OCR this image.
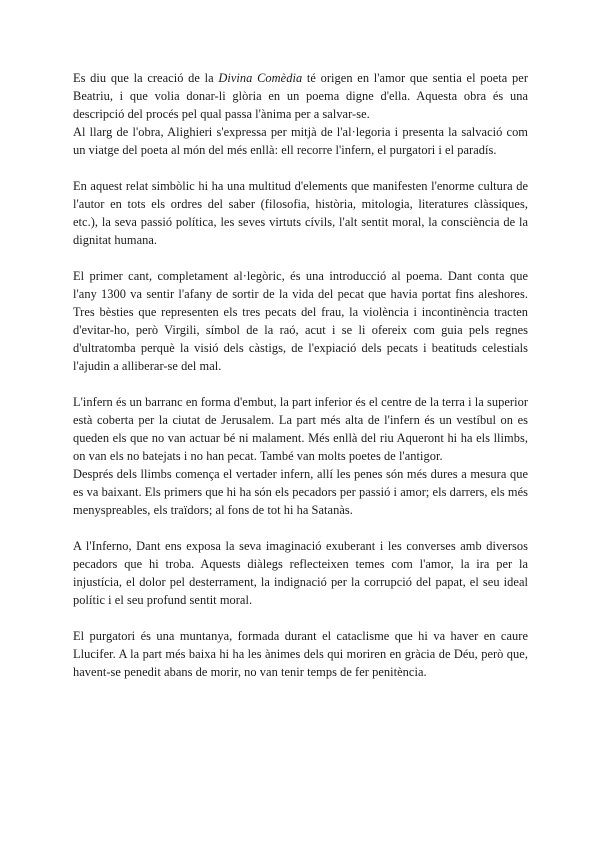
Es diu que la creació de la Divina Comèdia té origen en l'amor que sentia el poeta per Beatriu, i que volia donar-li glòria en un poema digne d'ella. Aquesta obra és una descripció del procés pel qual passa l'ànima per a salvar-se.

Al llarg de l'obra, Alighieri s'expressa per mitjà de l'al·legoria i presenta la salvació com un viatge del poeta al món del més enllà: ell recorre l'infern, el purgatori i el paradís.

En aquest relat simbòlic hi ha una multitud d'elements que manifesten l'enorme cultura de l'autor en tots els ordres del saber (filosofia, història, mitologia, literatures clàssiques, etc.), la seva passió política, les seves virtuts cívils, l'alt sentit moral, la consciència de la dignitat humana.

El primer cant, completament al·legòric, és una introducció al poema. Dant conta que l'any 1300 va sentir l'afany de sortir de la vida del pecat que havia portat fins aleshores. Tres bèsties que representen els tres pecats del frau, la violència i incontinència tracten d'evitar-ho, però Virgili, símbol de la raó, acut i se li ofereix com guia pels regnes d'ultratomba perquè la visió dels càstigs, de l'expiació dels pecats i beatituds celestials l'ajudin a alliberar-se del mal.

L'infern és un barranc en forma d'embut, la part inferior és el centre de la terra i la superior està coberta per la ciutat de Jerusalem. La part més alta de l'infern és un vestíbul on es queden els que no van actuar bé ni malament. Més enllà del riu Aqueront hi ha els llimbs, on van els no batejats i no han pecat. També van molts poetes de l'antigor.

Després dels llimbs comença el vertader infern, allí les penes són més dures a mesura que es va baixant. Els primers que hi ha són els pecadors per passió i amor; els darrers, els més menyspreables, els traïdors; al fons de tot hi ha Satanàs.

A l'Inferno, Dant ens exposa la seva imaginació exuberant i les converses amb diversos pecadors que hi troba. Aquests diàlegs reflecteixen temes com l'amor, la ira per la injustícia, el dolor pel desterrament, la indignació per la corrupció del papat, el seu ideal polític i el seu profund sentit moral.

El purgatori és una muntanya, formada durant el cataclisme que hi va haver en caure Llucifer. A la part més baixa hi ha les ànimes dels qui moriren en gràcia de Déu, però que, havent-se penedit abans de morir, no van tenir temps de fer penitència.
